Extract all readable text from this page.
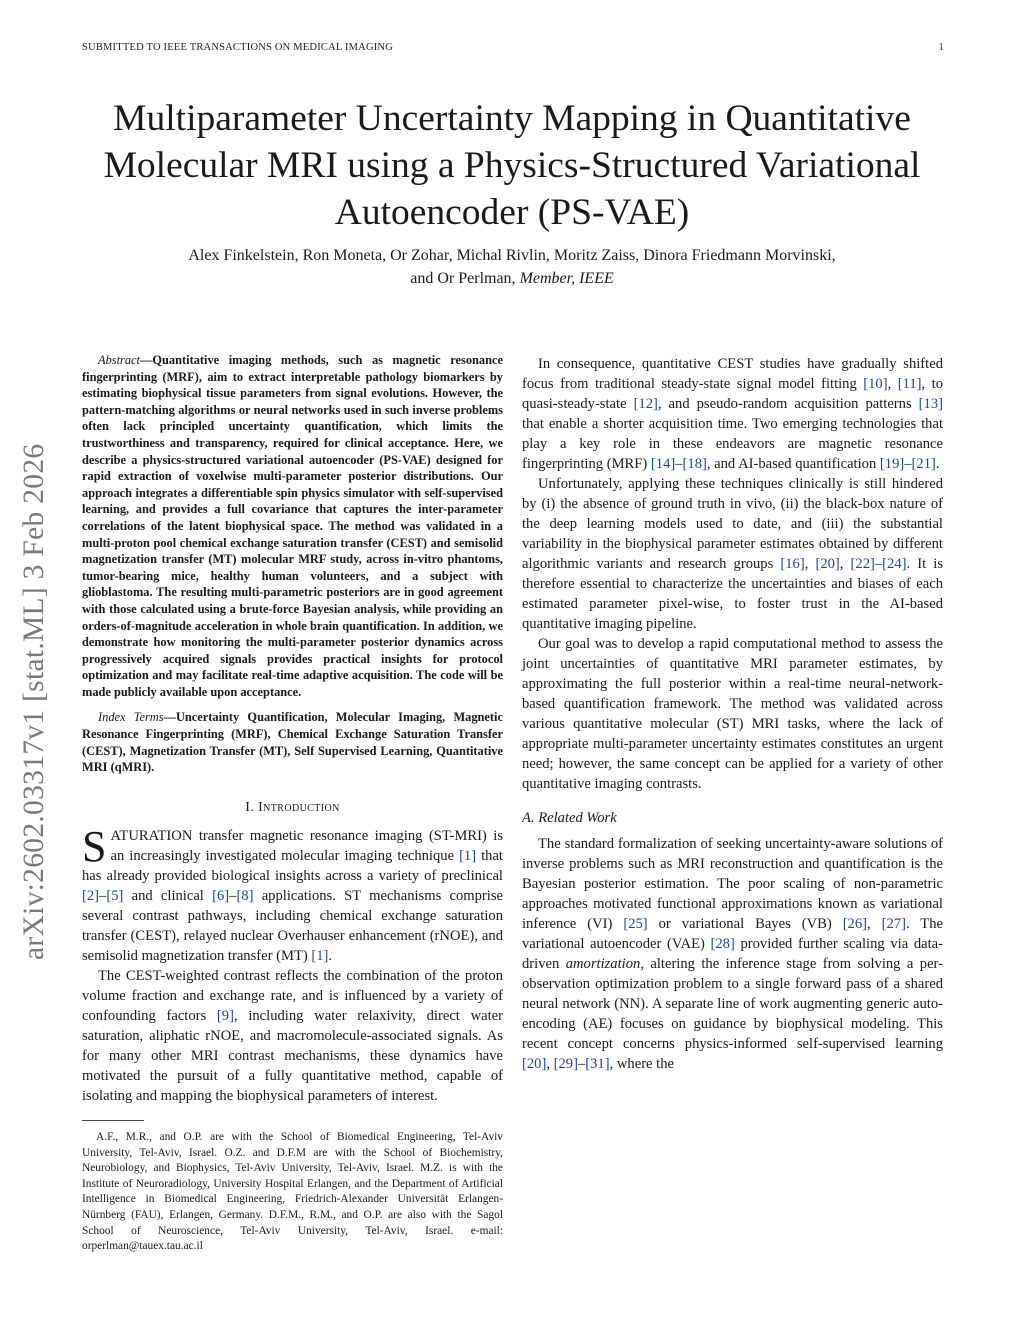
SUBMITTED TO IEEE TRANSACTIONS ON MEDICAL IMAGING	1
arXiv:2602.03317v1 [stat.ML] 3 Feb 2026
Multiparameter Uncertainty Mapping in Quantitative Molecular MRI using a Physics-Structured Variational Autoencoder (PS-VAE)
Alex Finkelstein, Ron Moneta, Or Zohar, Michal Rivlin, Moritz Zaiss, Dinora Friedmann Morvinski,
and Or Perlman, Member, IEEE

Abstract—Quantitative imaging methods, such as magnetic resonance fingerprinting (MRF), aim to extract interpretable pathology biomarkers by estimating biophysical tissue parameters from signal evolutions. However, the pattern-matching algorithms or neural networks used in such inverse problems often lack principled uncertainty quantification, which limits the trustworthiness and transparency, required for clinical acceptance. Here, we describe a physics-structured variational autoencoder (PS-VAE) designed for rapid extraction of voxelwise multi-parameter posterior distributions. Our approach integrates a differentiable spin physics simulator with self-supervised learning, and provides a full covariance that captures the inter-parameter correlations of the latent biophysical space. The method was validated in a multi-proton pool chemical exchange saturation transfer (CEST) and semisolid magnetization transfer (MT) molecular MRF study, across in-vitro phantoms, tumor-bearing mice, healthy human volunteers, and a subject with glioblastoma. The resulting multi-parametric posteriors are in good agreement with those calculated using a brute-force Bayesian analysis, while providing an orders-of-magnitude acceleration in whole brain quantification. In addition, we demonstrate how monitoring the multi-parameter posterior dynamics across progressively acquired signals provides practical insights for protocol optimization and may facilitate real-time adaptive acquisition. The code will be made publicly available upon acceptance.

Index Terms—Uncertainty Quantification, Molecular Imaging, Magnetic Resonance Fingerprinting (MRF), Chemical Exchange Saturation Transfer (CEST), Magnetization Transfer (MT), Self Supervised Learning, Quantitative MRI (qMRI).

I. Introduction

SATURATION transfer magnetic resonance imaging (ST-MRI) is an increasingly investigated molecular imaging technique [1] that has already provided biological insights across a variety of preclinical [2]–[5] and clinical [6]–[8] applications. ST mechanisms comprise several contrast pathways, including chemical exchange saturation transfer (CEST), relayed nuclear Overhauser enhancement (rNOE), and semisolid magnetization transfer (MT) [1].

The CEST-weighted contrast reflects the combination of the proton volume fraction and exchange rate, and is influenced by a variety of confounding factors [9], including water relaxivity, direct water saturation, aliphatic rNOE, and macromolecule-associated signals. As for many other MRI contrast mechanisms, these dynamics have motivated the pursuit of a fully quantitative method, capable of isolating and mapping the biophysical parameters of interest.

In consequence, quantitative CEST studies have gradually shifted focus from traditional steady-state signal model fitting [10], [11], to quasi-steady-state [12], and pseudo-random acquisition patterns [13] that enable a shorter acquisition time. Two emerging technologies that play a key role in these endeavors are magnetic resonance fingerprinting (MRF) [14]–[18], and AI-based quantification [19]–[21].

Unfortunately, applying these techniques clinically is still hindered by (i) the absence of ground truth in vivo, (ii) the black-box nature of the deep learning models used to date, and (iii) the substantial variability in the biophysical parameter estimates obtained by different algorithmic variants and research groups [16], [20], [22]–[24]. It is therefore essential to characterize the uncertainties and biases of each estimated parameter pixel-wise, to foster trust in the AI-based quantitative imaging pipeline.

Our goal was to develop a rapid computational method to assess the joint uncertainties of quantitative MRI parameter estimates, by approximating the full posterior within a real-time neural-network-based quantification framework. The method was validated across various quantitative molecular (ST) MRI tasks, where the lack of appropriate multi-parameter uncertainty estimates constitutes an urgent need; however, the same concept can be applied for a variety of other quantitative imaging contrasts.

A. Related Work

The standard formalization of seeking uncertainty-aware solutions of inverse problems such as MRI reconstruction and quantification is the Bayesian posterior estimation. The poor scaling of non-parametric approaches motivated functional approximations known as variational inference (VI) [25] or variational Bayes (VB) [26], [27]. The variational autoencoder (VAE) [28] provided further scaling via data-driven amortization, altering the inference stage from solving a per-observation optimization problem to a single forward pass of a shared neural network (NN). A separate line of work augmenting generic auto-encoding (AE) focuses on guidance by biophysical modeling. This recent concept concerns physics-informed self-supervised learning [20], [29]–[31], where the

A.F., M.R., and O.P. are with the School of Biomedical Engineering, Tel-Aviv University, Tel-Aviv, Israel. O.Z. and D.F.M are with the School of Biochemistry, Neurobiology, and Biophysics, Tel-Aviv University, Tel-Aviv, Israel. M.Z. is with the Institute of Neuroradiology, University Hospital Erlangen, and the Department of Artificial Intelligence in Biomedical Engineering, Friedrich-Alexander Universität Erlangen-Nürnberg (FAU), Erlangen, Germany. D.F.M., R.M., and O.P. are also with the Sagol School of Neuroscience, Tel-Aviv University, Tel-Aviv, Israel. e-mail: orperlman@tauex.tau.ac.il
